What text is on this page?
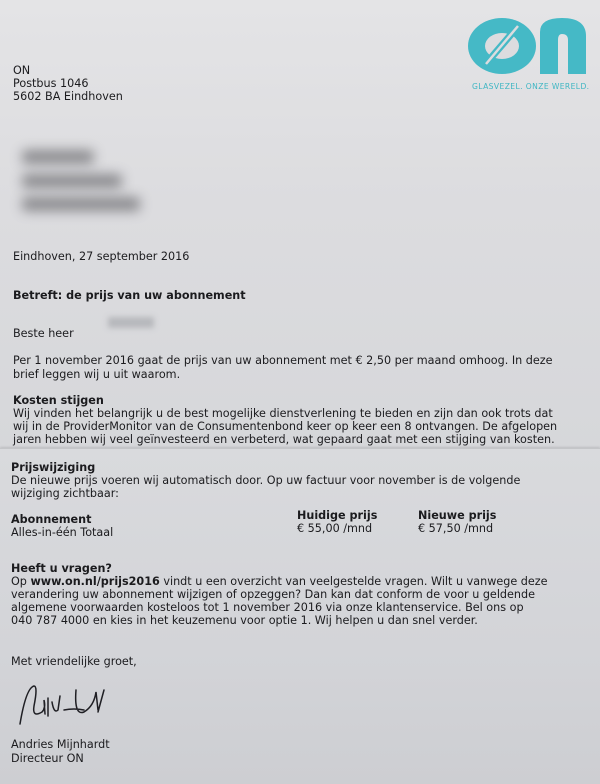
GLASVEZEL. ONZE WERELD.
ON
Postbus 1046
5602 BA Eindhoven
Eindhoven, 27 september 2016
Betreft: de prijs van uw abonnement
Beste heer
Per 1 november 2016 gaat de prijs van uw abonnement met € 2,50 per maand omhoog. In deze
brief leggen wij u uit waarom.
Kosten stijgen
Wij vinden het belangrijk u de best mogelijke dienstverlening te bieden en zijn dan ook trots dat
wij in de ProviderMonitor van de Consumentenbond keer op keer een 8 ontvangen. De afgelopen
jaren hebben wij veel geïnvesteerd en verbeterd, wat gepaard gaat met een stijging van kosten.
Prijswijziging
De nieuwe prijs voeren wij automatisch door. Op uw factuur voor november is de volgende
wijziging zichtbaar:
Abonnement	Huidige prijs	Nieuwe prijs
Alles-in-één Totaal	€ 55,00 /mnd	€ 57,50 /mnd
Heeft u vragen?
Op www.on.nl/prijs2016 vindt u een overzicht van veelgestelde vragen. Wilt u vanwege deze
verandering uw abonnement wijzigen of opzeggen? Dan kan dat conform de voor u geldende
algemene voorwaarden kosteloos tot 1 november 2016 via onze klantenservice. Bel ons op
040 787 4000 en kies in het keuzemenu voor optie 1. Wij helpen u dan snel verder.
Met vriendelijke groet,
Andries Mijnhardt
Directeur ON
